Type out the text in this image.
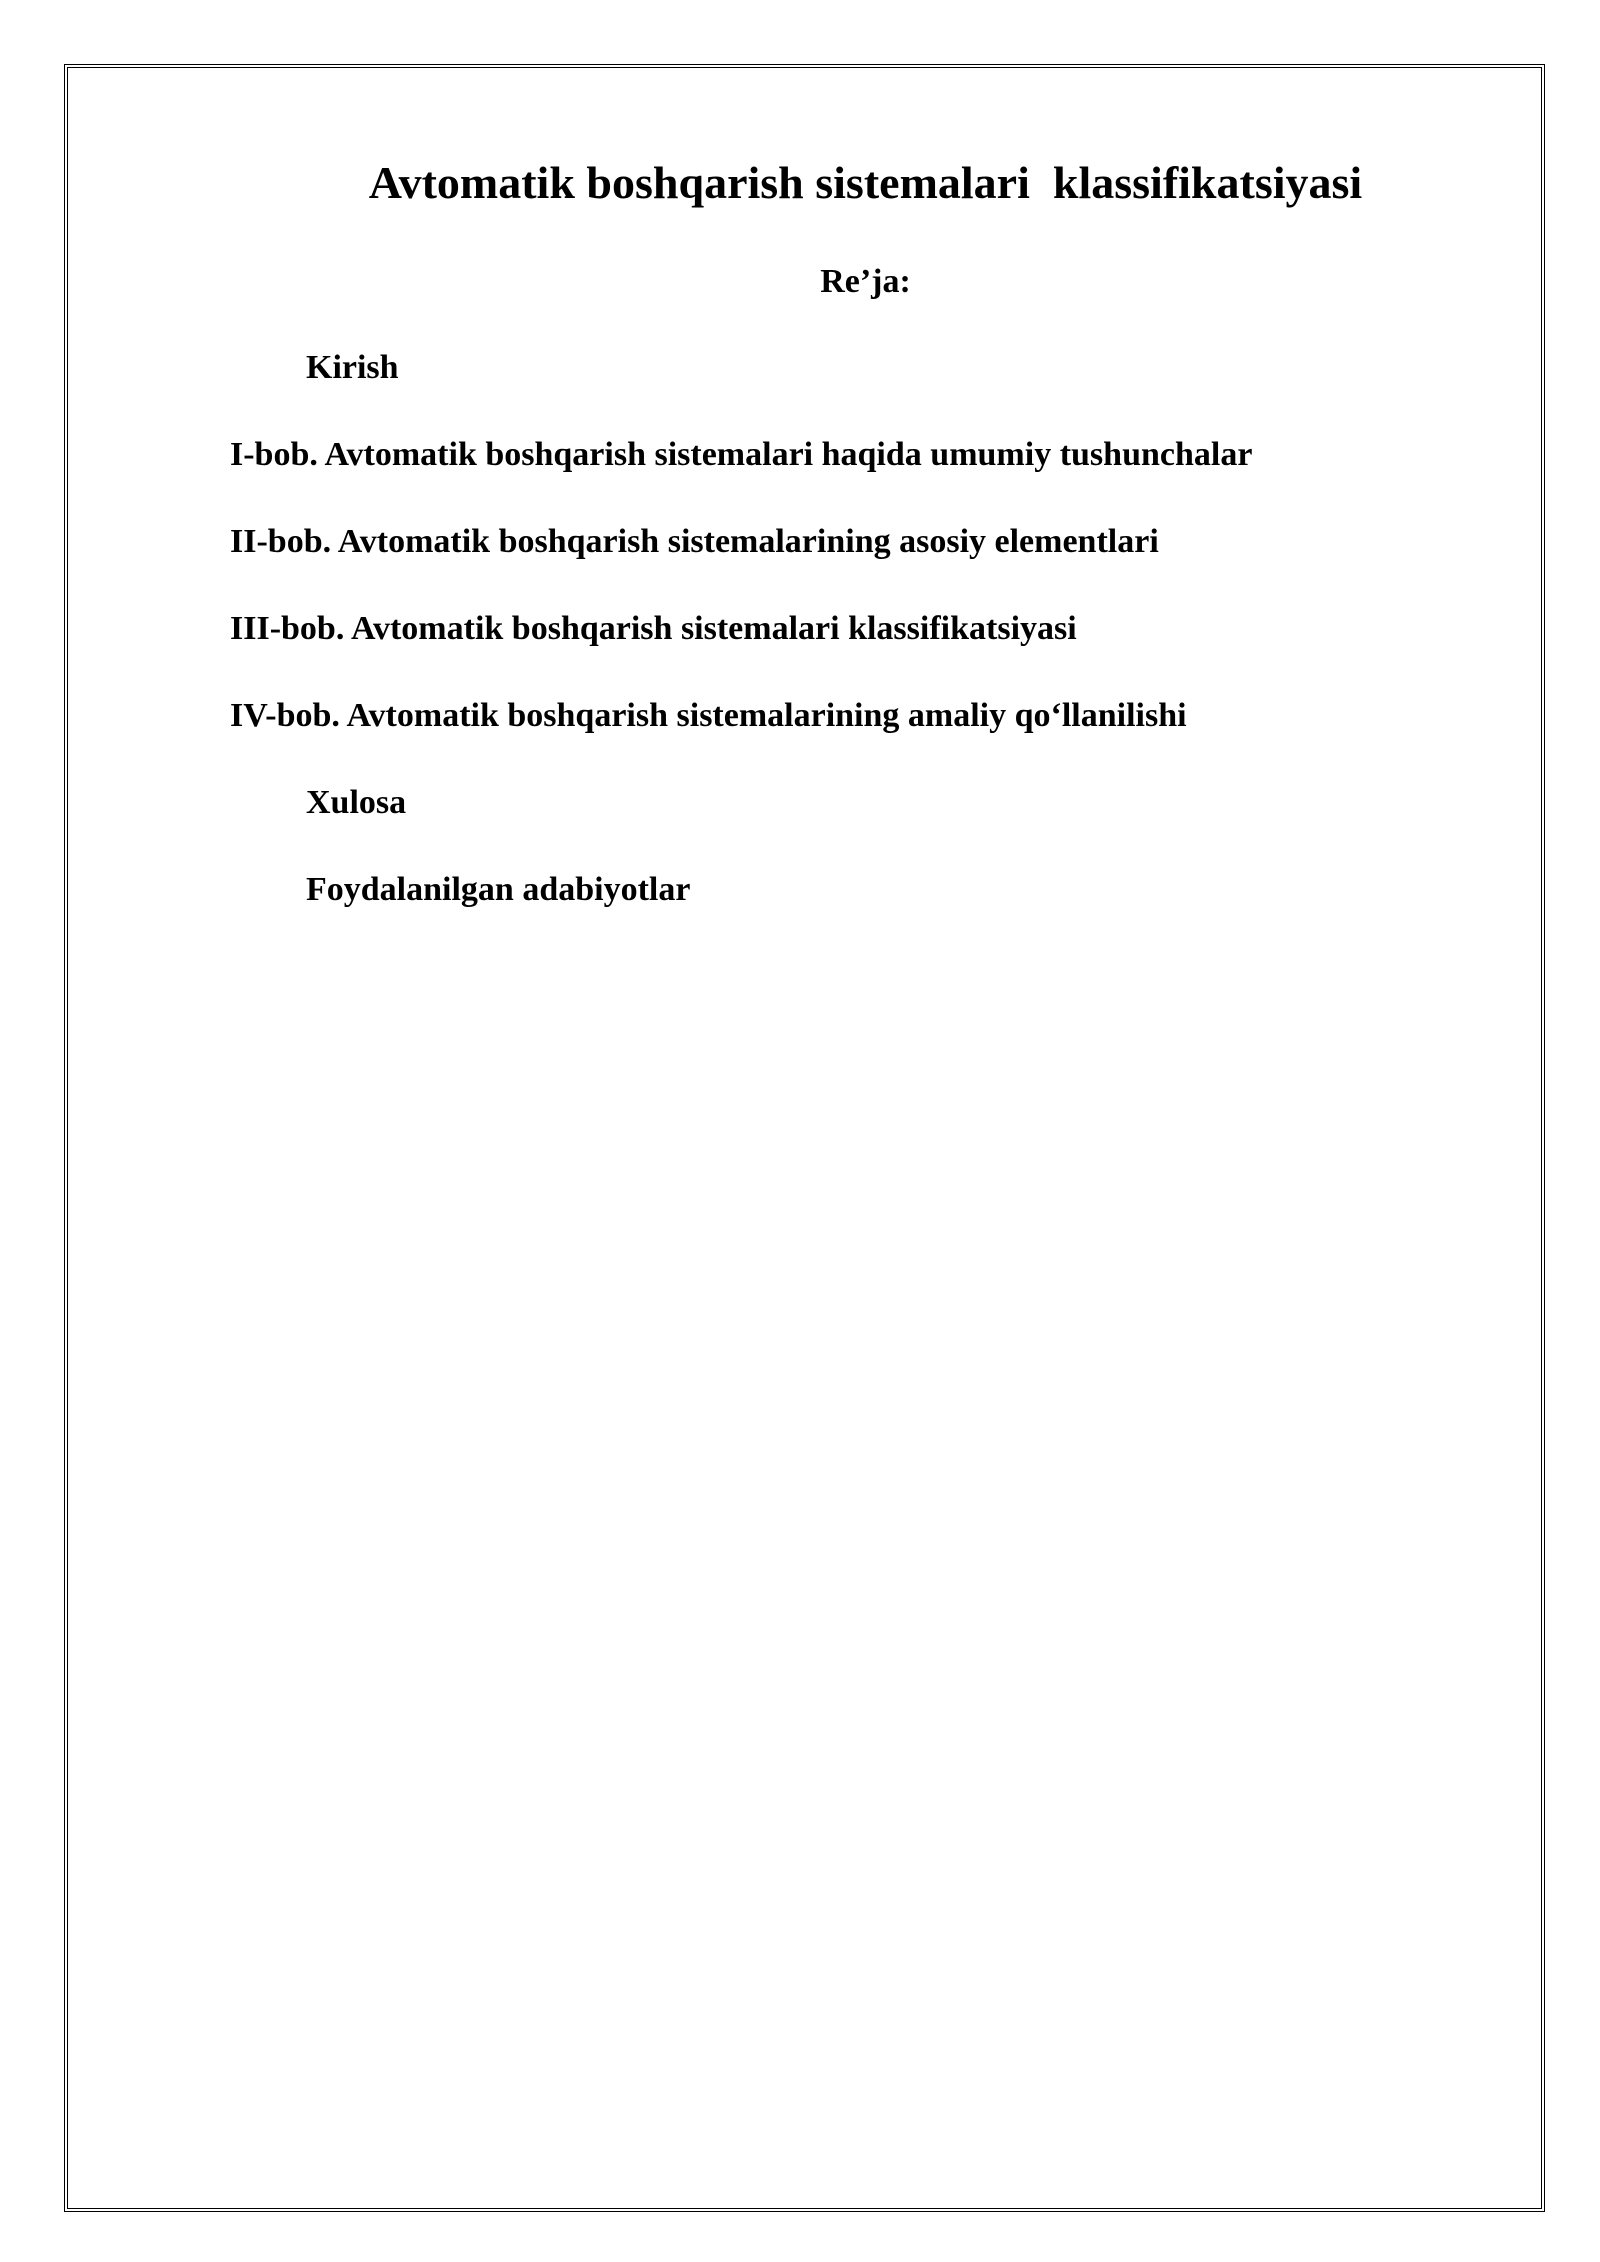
Avtomatik boshqarish sistemalari  klassifikatsiyasi
Re’ja:
Kirish
I-bob. Avtomatik boshqarish sistemalari haqida umumiy tushunchalar
II-bob. Avtomatik boshqarish sistemalarining asosiy elementlari
III-bob. Avtomatik boshqarish sistemalari klassifikatsiyasi
IV-bob. Avtomatik boshqarish sistemalarining amaliy qo‘llanilishi
Xulosa
Foydalanilgan adabiyotlar
